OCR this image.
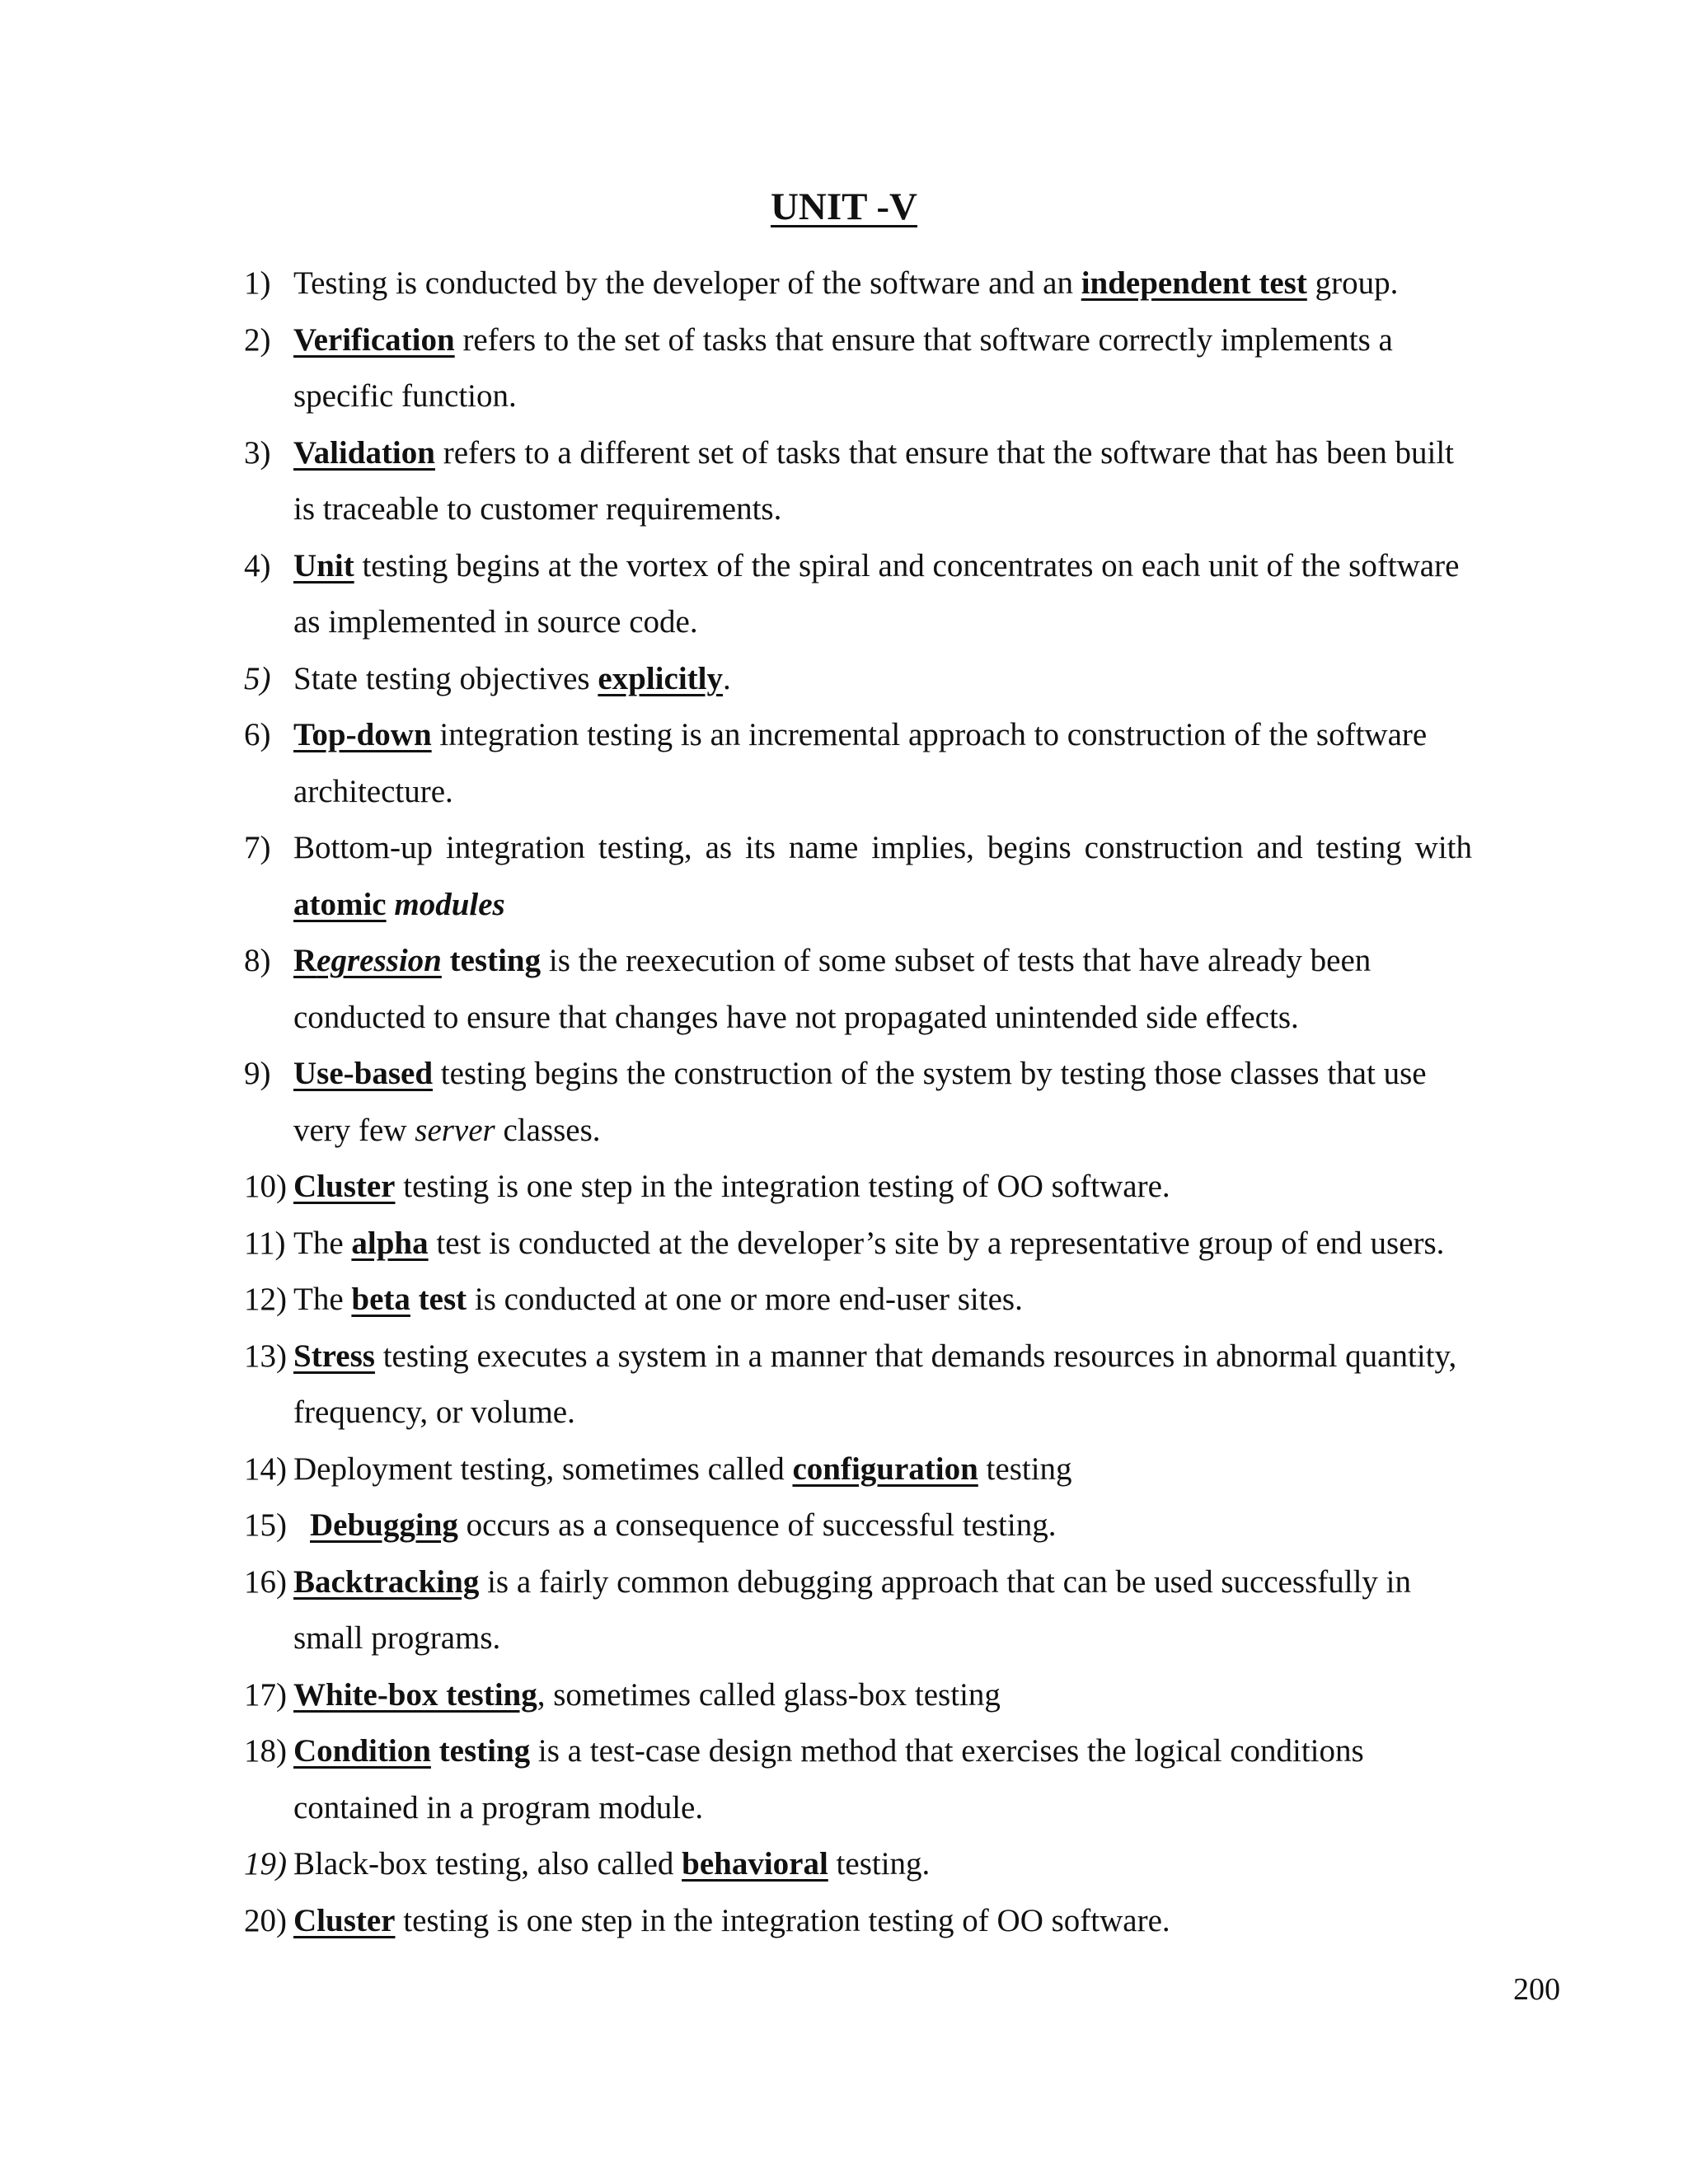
UNIT -V
1) Testing is conducted by the developer of the software and an independent test group.
2) Verification refers to the set of tasks that ensure that software correctly implements a specific function.
3) Validation refers to a different set of tasks that ensure that the software that has been built is traceable to customer requirements.
4) Unit testing begins at the vortex of the spiral and concentrates on each unit of the software as implemented in source code.
5) State testing objectives explicitly.
6) Top-down integration testing is an incremental approach to construction of the software architecture.
7) Bottom-up integration testing, as its name implies, begins construction and testing with atomic modules
8) Regression testing is the reexecution of some subset of tests that have already been conducted to ensure that changes have not propagated unintended side effects.
9) Use-based testing begins the construction of the system by testing those classes that use very few server classes.
10) Cluster testing is one step in the integration testing of OO software.
11) The alpha test is conducted at the developer’s site by a representative group of end users.
12) The beta test is conducted at one or more end-user sites.
13) Stress testing executes a system in a manner that demands resources in abnormal quantity, frequency, or volume.
14) Deployment testing, sometimes called configuration testing
15) Debugging occurs as a consequence of successful testing.
16) Backtracking is a fairly common debugging approach that can be used successfully in small programs.
17) White-box testing, sometimes called glass-box testing
18) Condition testing is a test-case design method that exercises the logical conditions contained in a program module.
19) Black-box testing, also called behavioral testing.
20) Cluster testing is one step in the integration testing of OO software.
200
